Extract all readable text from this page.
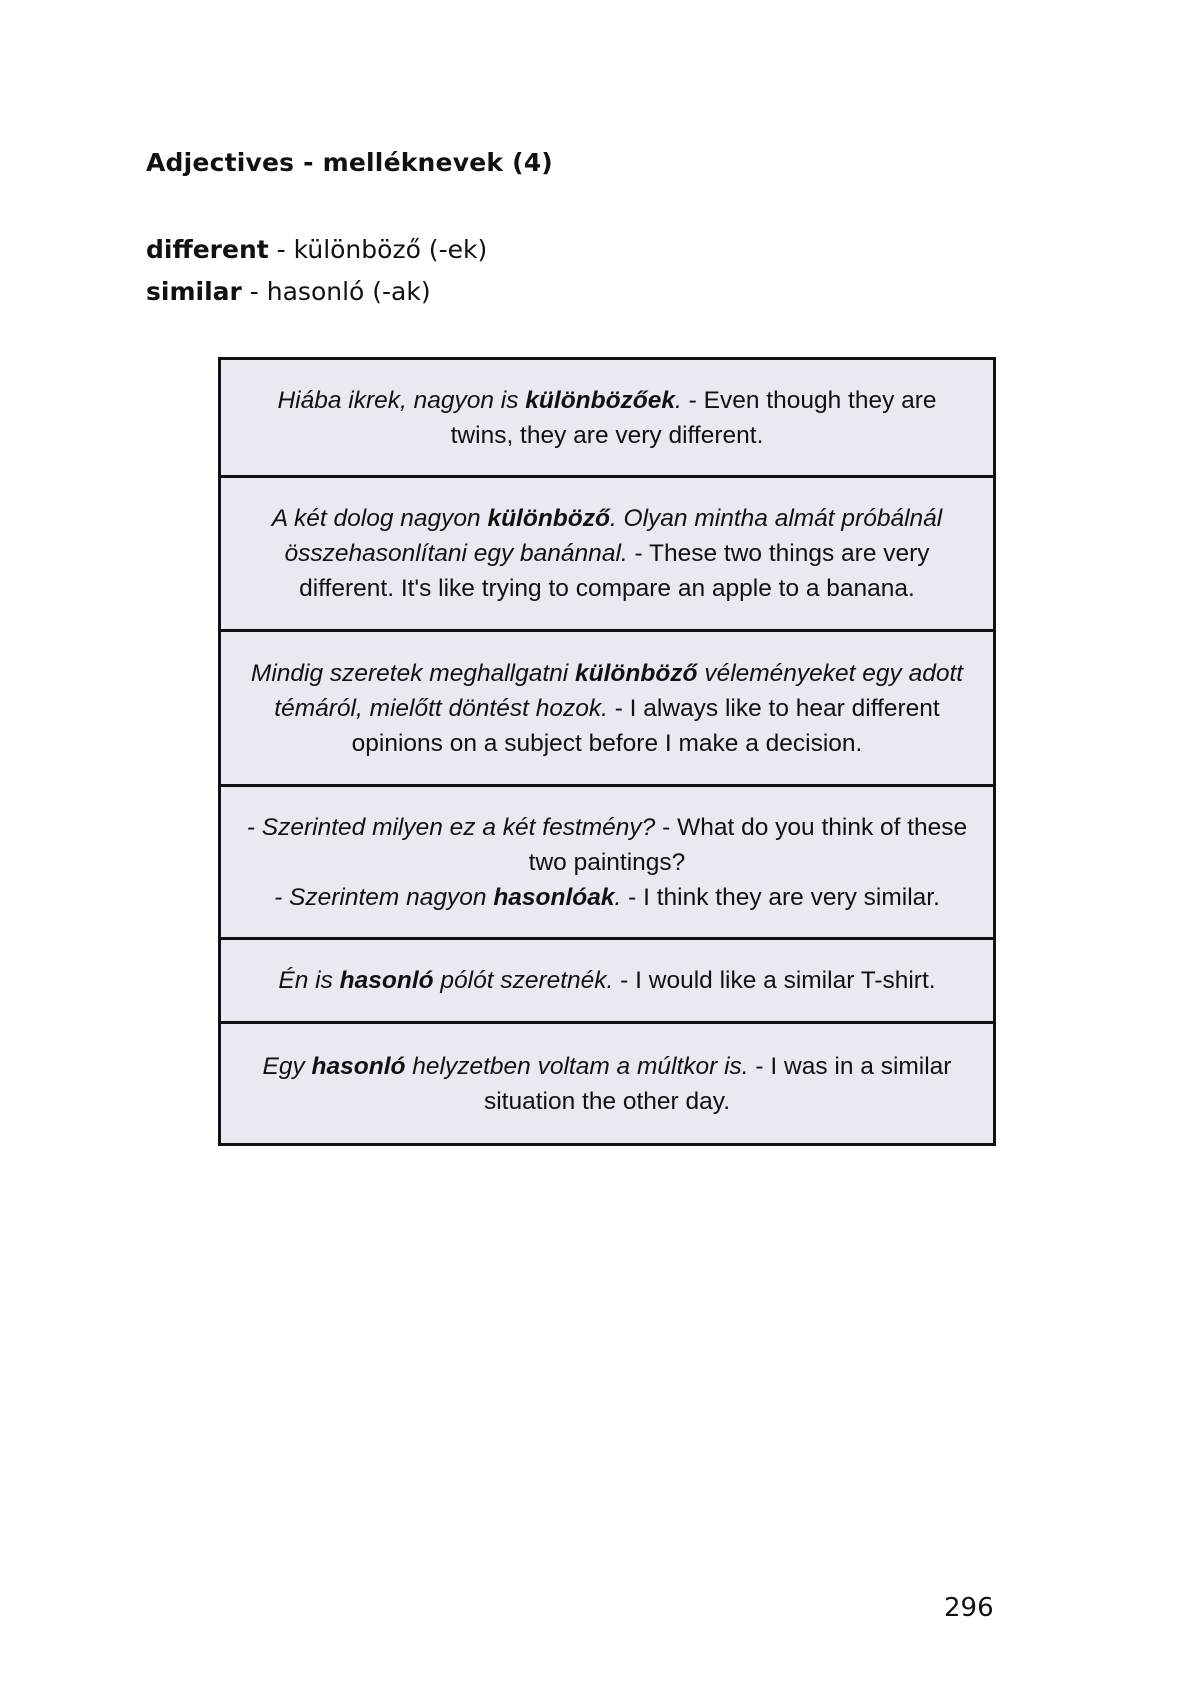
Adjectives - melléknevek (4)
different - különböző (-ek)
similar - hasonló (-ak)

Hiába ikrek, nagyon is különbözőek. - Even though they are twins, they are very different.

A két dolog nagyon különböző. Olyan mintha almát próbálnál összehasonlítani egy banánnal. - These two things are very different. It's like trying to compare an apple to a banana.

Mindig szeretek meghallgatni különböző véleményeket egy adott témáról, mielőtt döntést hozok. - I always like to hear different opinions on a subject before I make a decision.

- Szerinted milyen ez a két festmény? - What do you think of these two paintings?
- Szerintem nagyon hasonlóak. - I think they are very similar.

Én is hasonló pólót szeretnék. - I would like a similar T-shirt.

Egy hasonló helyzetben voltam a múltkor is. - I was in a similar situation the other day.

296
